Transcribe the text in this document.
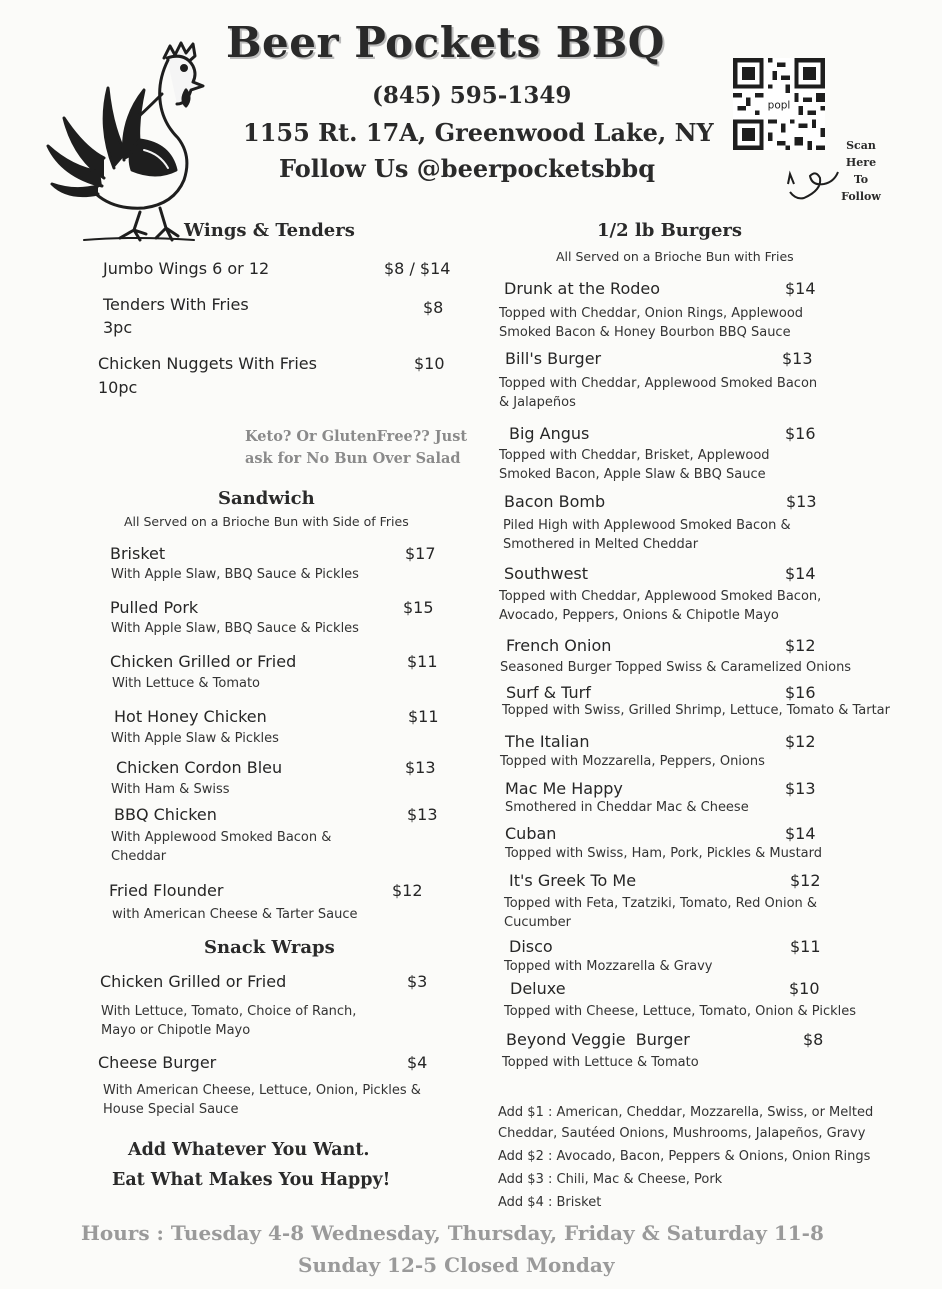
Beer Pockets BBQ
(845) 595-1349
1155 Rt. 17A, Greenwood Lake, NY
Follow Us @beerpocketsbbq
popl
Scan
Here
To
Follow
Wings & Tenders
Jumbo Wings 6 or 12	$8 / $14
Tenders With Fries	$8
3pc
Chicken Nuggets With Fries	$10
10pc
Keto? Or GlutenFree?? Just ask for No Bun Over Salad
Sandwich
All Served on a Brioche Bun with Side of Fries
Brisket	$17
With Apple Slaw, BBQ Sauce & Pickles
Pulled Pork	$15
With Apple Slaw, BBQ Sauce & Pickles
Chicken Grilled or Fried	$11
With Lettuce & Tomato
Hot Honey Chicken	$11
With Apple Slaw & Pickles
Chicken Cordon Bleu	$13
With Ham & Swiss
BBQ Chicken	$13
With Applewood Smoked Bacon & Cheddar
Fried Flounder	$12
with American Cheese & Tarter Sauce
Snack Wraps
Chicken Grilled or Fried	$3
With Lettuce, Tomato, Choice of Ranch, Mayo or Chipotle Mayo
Cheese Burger	$4
With American Cheese, Lettuce, Onion, Pickles & House Special Sauce
Add Whatever You Want.
Eat What Makes You Happy!
1/2 lb Burgers
All Served on a Brioche Bun with Fries
Drunk at the Rodeo	$14
Topped with Cheddar, Onion Rings, Applewood Smoked Bacon & Honey Bourbon BBQ Sauce
Bill's Burger	$13
Topped with Cheddar, Applewood Smoked Bacon & Jalapeños
Big Angus	$16
Topped with Cheddar, Brisket, Applewood Smoked Bacon, Apple Slaw & BBQ Sauce
Bacon Bomb	$13
Piled High with Applewood Smoked Bacon & Smothered in Melted Cheddar
Southwest	$14
Topped with Cheddar, Applewood Smoked Bacon, Avocado, Peppers, Onions & Chipotle Mayo
French Onion	$12
Seasoned Burger Topped Swiss & Caramelized Onions
Surf & Turf	$16
Topped with Swiss, Grilled Shrimp, Lettuce, Tomato & Tartar
The Italian	$12
Topped with Mozzarella, Peppers, Onions
Mac Me Happy	$13
Smothered in Cheddar Mac & Cheese
Cuban	$14
Topped with Swiss, Ham, Pork, Pickles & Mustard
It's Greek To Me	$12
Topped with Feta, Tzatziki, Tomato, Red Onion & Cucumber
Disco	$11
Topped with Mozzarella & Gravy
Deluxe	$10
Topped with Cheese, Lettuce, Tomato, Onion & Pickles
Beyond Veggie  Burger	$8
Topped with Lettuce & Tomato
Add $1 : American, Cheddar, Mozzarella, Swiss, or Melted Cheddar, Sautéed Onions, Mushrooms, Jalapeños, Gravy
Add $2 : Avocado, Bacon, Peppers & Onions, Onion Rings
Add $3 : Chili, Mac & Cheese, Pork
Add $4 : Brisket
Hours : Tuesday 4-8 Wednesday, Thursday, Friday & Saturday 11-8
Sunday 12-5 Closed Monday
